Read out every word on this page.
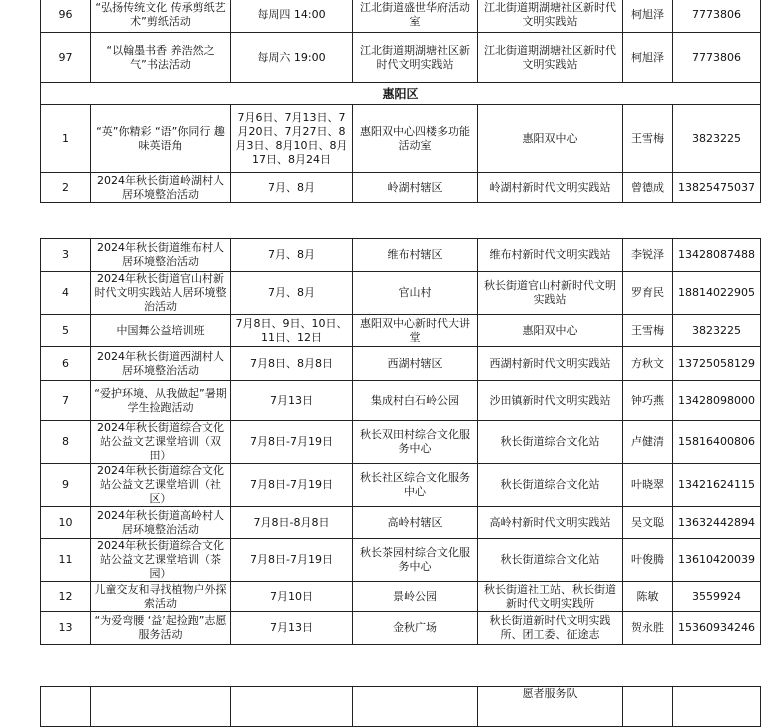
96	“弘扬传统文化 传承剪纸艺术”剪纸活动	每周四 14:00	江北街道盛世华府活动室	江北街道期湖塘社区新时代文明实践站	柯旭泽	7773806
97	“以翰墨书香 养浩然之气”书法活动	每周六 19:00	江北街道期湖塘社区新时代文明实践站	江北街道期湖塘社区新时代文明实践站	柯旭泽	7773806
惠阳区						
1	“英”你精彩 “语”你同行 趣味英语角	7月6日、7月13日、7月20日、7月27日、8月3日、8月10日、8月17日、8月24日	惠阳双中心四楼多功能活动室	惠阳双中心	王雪梅	3823225
2	2024年秋长街道岭湖村人居环境整治活动	7月、8月	岭湖村辖区	岭湖村新时代文明实践站	曾德成	13825475037
3	2024年秋长街道维布村人居环境整治活动	7月、8月	维布村辖区	维布村新时代文明实践站	李锐泽	13428087488
4	2024年秋长街道官山村新时代文明实践站人居环境整治活动	7月、8月	官山村	秋长街道官山村新时代文明实践站	罗育民	18814022905
5	中国舞公益培训班	7月8日、9日、10日、11日、12日	惠阳双中心新时代大讲堂	惠阳双中心	王雪梅	3823225
6	2024年秋长街道西湖村人居环境整治活动	7月8日、8月8日	西湖村辖区	西湖村新时代文明实践站	方秋文	13725058129
7	“爱护环境、从我做起”暑期学生捡跑活动	7月13日	集成村白石岭公园	沙田镇新时代文明实践站	钟巧燕	13428098000
8	2024年秋长街道综合文化站公益文艺课堂培训（双田）	7月8日-7月19日	秋长双田村综合文化服务中心	秋长街道综合文化站	卢健清	15816400806
9	2024年秋长街道综合文化站公益文艺课堂培训（社区）	7月8日-7月19日	秋长社区综合文化服务中心	秋长街道综合文化站	叶晓翠	13421624115
10	2024年秋长街道高岭村人居环境整治活动	7月8日-8月8日	高岭村辖区	高岭村新时代文明实践站	吴文聪	13632442894
11	2024年秋长街道综合文化站公益文艺课堂培训（茶园）	7月8日-7月19日	秋长茶园村综合文化服务中心	秋长街道综合文化站	叶俊腾	13610420039
12	儿童交友和寻找植物户外探索活动	7月10日	景岭公园	秋长街道社工站、秋长街道新时代文明实践所	陈敏	3559924
13	“为爱弯腰 ‘益’起捡跑”志愿服务活动	7月13日	金秋广场	秋长街道新时代文明实践所、团工委、征途志	贺永胜	15360934246
				愿者服务队		
